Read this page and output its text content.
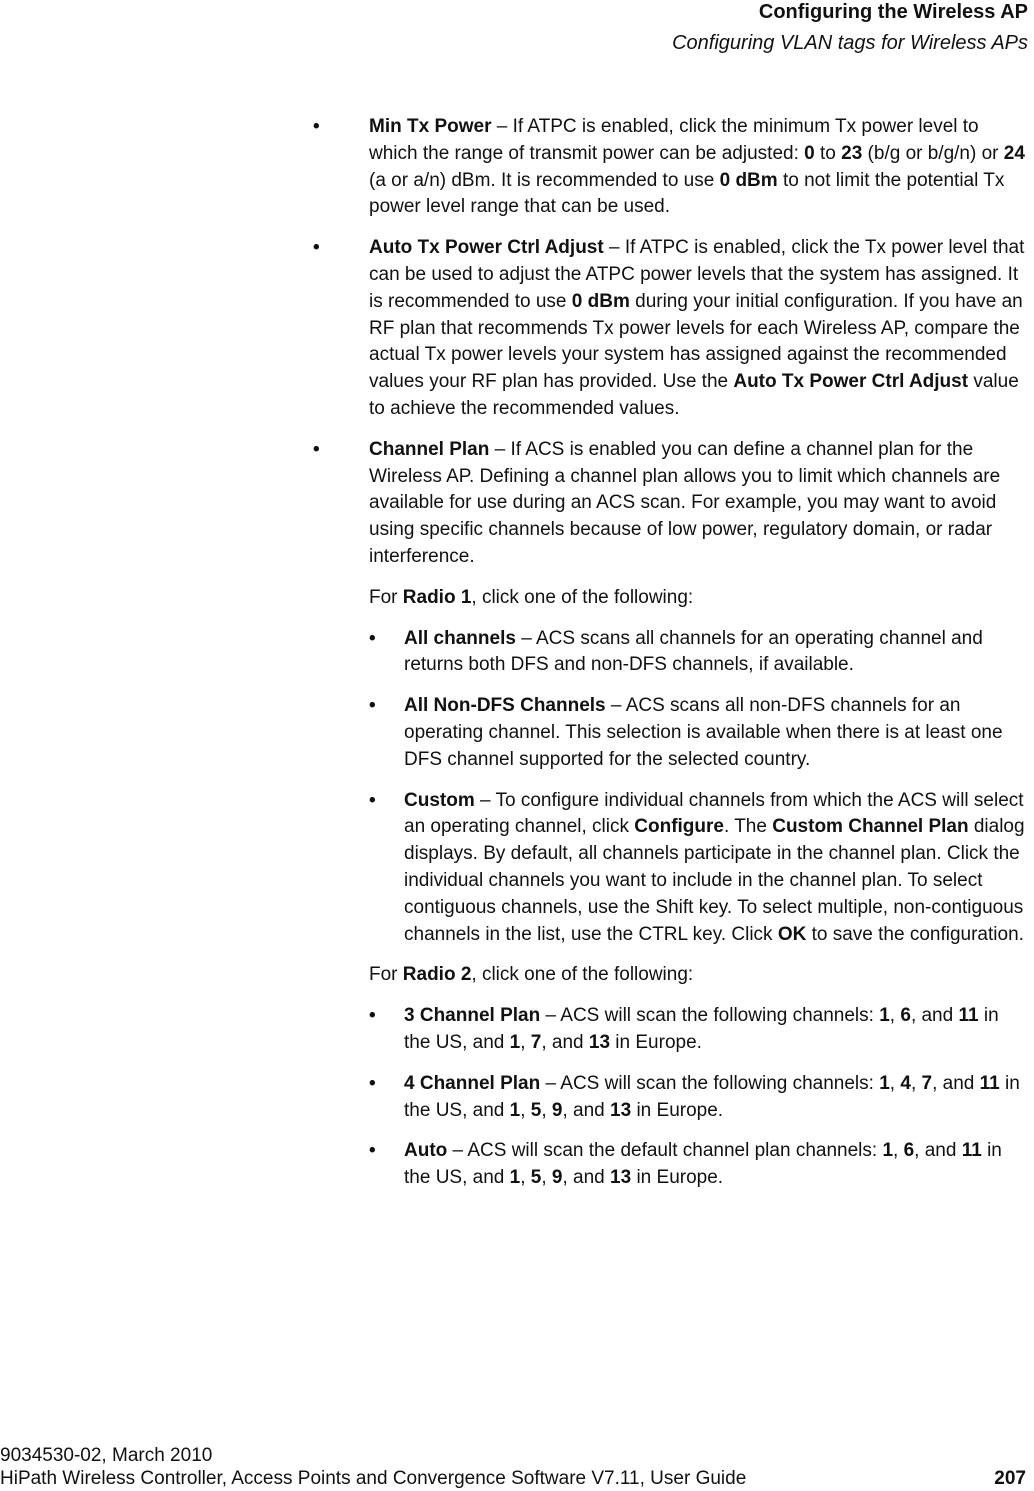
Configuring the Wireless AP
Configuring VLAN tags for Wireless APs
•	Min Tx Power – If ATPC is enabled, click the minimum Tx power level to which the range of transmit power can be adjusted: 0 to 23 (b/g or b/g/n) or 24 (a or a/n) dBm. It is recommended to use 0 dBm to not limit the potential Tx power level range that can be used.
•	Auto Tx Power Ctrl Adjust – If ATPC is enabled, click the Tx power level that can be used to adjust the ATPC power levels that the system has assigned. It is recommended to use 0 dBm during your initial configuration. If you have an RF plan that recommends Tx power levels for each Wireless AP, compare the actual Tx power levels your system has assigned against the recommended values your RF plan has provided. Use the Auto Tx Power Ctrl Adjust value to achieve the recommended values.
•	Channel Plan – If ACS is enabled you can define a channel plan for the Wireless AP. Defining a channel plan allows you to limit which channels are available for use during an ACS scan. For example, you may want to avoid using specific channels because of low power, regulatory domain, or radar interference.
For Radio 1, click one of the following:
• All channels – ACS scans all channels for an operating channel and returns both DFS and non-DFS channels, if available.
• All Non-DFS Channels – ACS scans all non-DFS channels for an operating channel. This selection is available when there is at least one DFS channel supported for the selected country.
• Custom – To configure individual channels from which the ACS will select an operating channel, click Configure. The Custom Channel Plan dialog displays. By default, all channels participate in the channel plan. Click the individual channels you want to include in the channel plan. To select contiguous channels, use the Shift key. To select multiple, non-contiguous channels in the list, use the CTRL key. Click OK to save the configuration.
For Radio 2, click one of the following:
• 3 Channel Plan – ACS will scan the following channels: 1, 6, and 11 in the US, and 1, 7, and 13 in Europe.
• 4 Channel Plan – ACS will scan the following channels: 1, 4, 7, and 11 in the US, and 1, 5, 9, and 13 in Europe.
• Auto – ACS will scan the default channel plan channels: 1, 6, and 11 in the US, and 1, 5, 9, and 13 in Europe.
9034530-02, March 2010
HiPath Wireless Controller, Access Points and Convergence Software V7.11, User Guide	207
